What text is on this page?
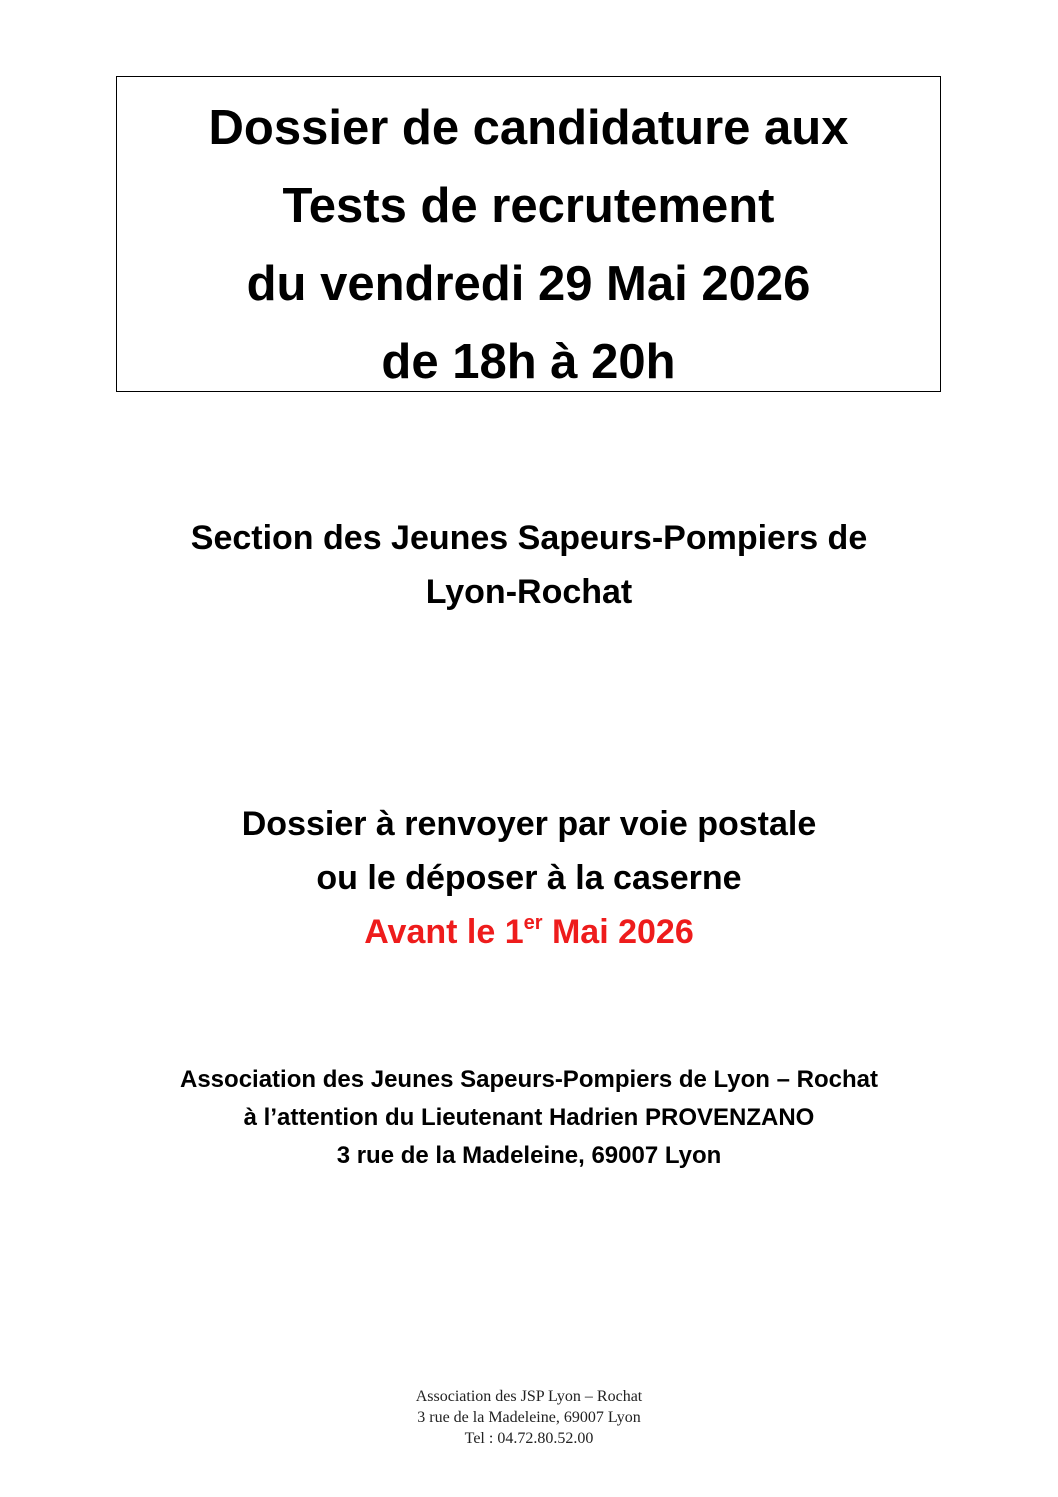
Dossier de candidature aux
Tests de recrutement
du vendredi 29 Mai 2026
de 18h à 20h
Section des Jeunes Sapeurs-Pompiers de
Lyon-Rochat
Dossier à renvoyer par voie postale
ou le déposer à la caserne
Avant le 1er Mai 2026
Association des Jeunes Sapeurs-Pompiers de Lyon – Rochat
à l’attention du Lieutenant Hadrien PROVENZANO
3 rue de la Madeleine, 69007 Lyon
Association des JSP Lyon – Rochat
3 rue de la Madeleine, 69007 Lyon
Tel : 04.72.80.52.00
